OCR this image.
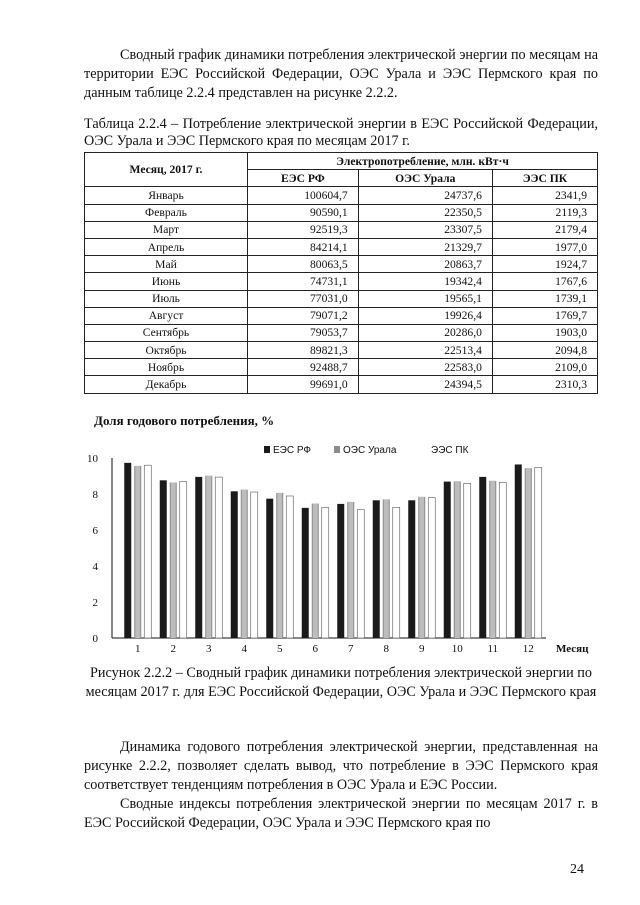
Сводный график динамики потребления электрической энергии по месяцам на территории ЕЭС Российской Федерации, ОЭС Урала и ЭЭС Пермского края по данным таблице 2.2.4 представлен на рисунке 2.2.2.
Таблица 2.2.4 – Потребление электрической энергии в ЕЭС Российской Федерации, ОЭС Урала и ЭЭС Пермского края по месяцам 2017 г.
Месяц, 2017 г.	Электропотребление, млн. кВт·ч		
	ЕЭС РФ	ОЭС Урала	ЭЭС ПК
Январь	100604,7	24737,6	2341,9
Февраль	90590,1	22350,5	2119,3
Март	92519,3	23307,5	2179,4
Апрель	84214,1	21329,7	1977,0
Май	80063,5	20863,7	1924,7
Июнь	74731,1	19342,4	1767,6
Июль	77031,0	19565,1	1739,1
Август	79071,2	19926,4	1769,7
Сентябрь	79053,7	20286,0	1903,0
Октябрь	89821,3	22513,4	2094,8
Ноябрь	92488,7	22583,0	2109,0
Декабрь	99691,0	24394,5	2310,3
Доля годового потребления, %
0
2
4
6
8
10
1	2	3	4	5	6	7	8	9 10 11 12 Месяц
ЕЭС РФ	ОЭС Урала	ЭЭС ПК
Рисунок 2.2.2 – Сводный график динамики потребления электрической энергии по месяцам 2017 г. для ЕЭС Российской Федерации, ОЭС Урала и ЭЭС Пермского края
Динамика годового потребления электрической энергии, представленная на рисунке 2.2.2, позволяет сделать вывод, что потребление в ЭЭС Пермского края соответствует тенденциям потребления в ОЭС Урала и ЕЭС России.
Сводные индексы потребления электрической энергии по месяцам 2017 г. в ЕЭС Российской Федерации, ОЭС Урала и ЭЭС Пермского края по
24
